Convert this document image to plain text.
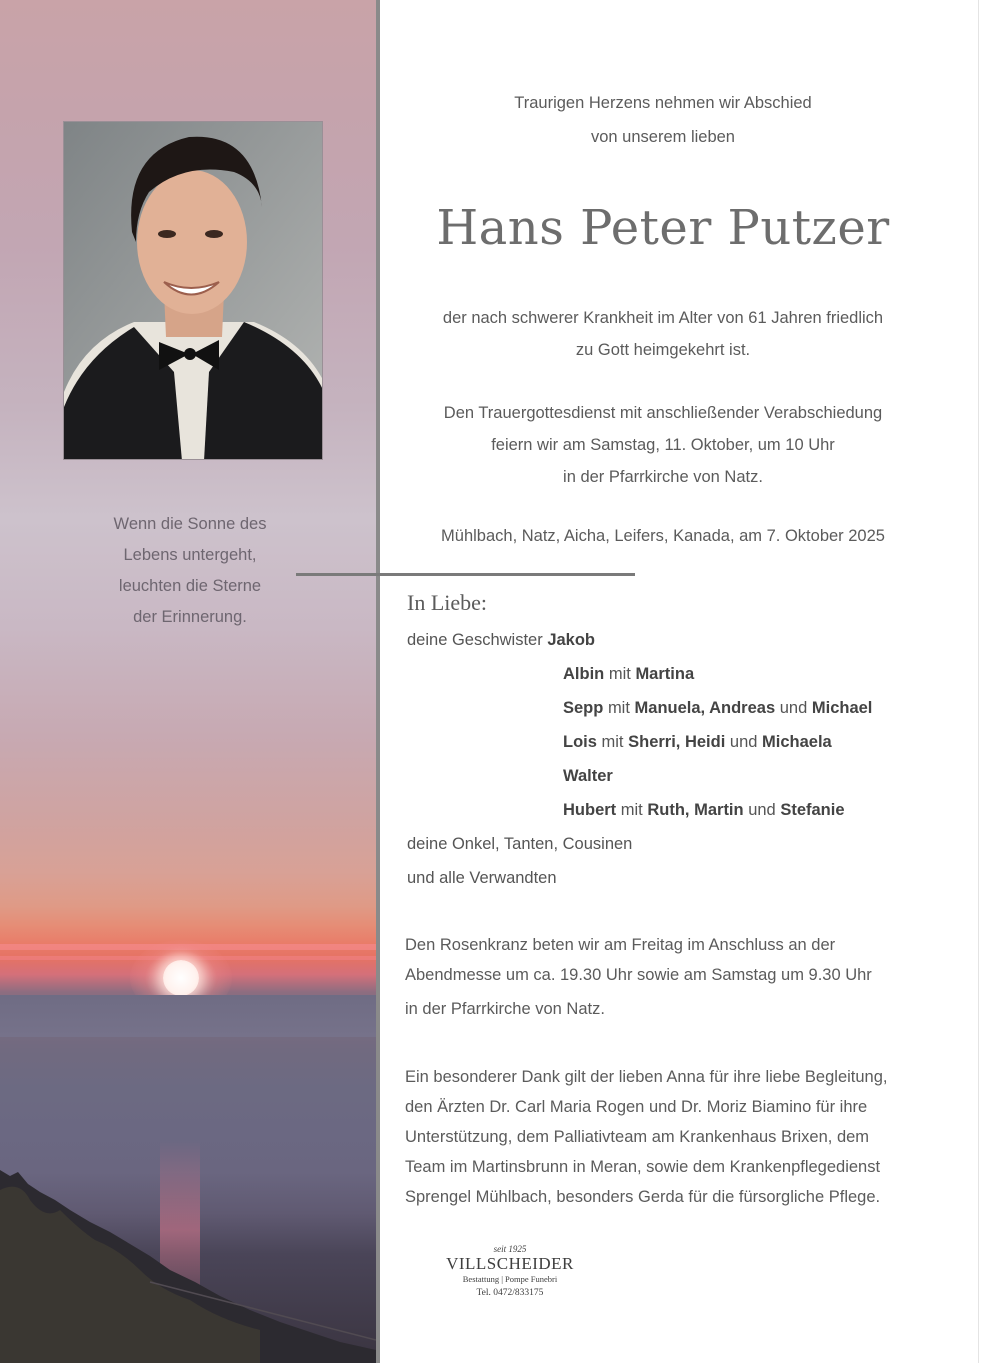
Wenn die Sonne des
Lebens untergeht,
leuchten die Sterne
der Erinnerung.
Traurigen Herzens nehmen wir Abschied
von unserem lieben
Hans Peter Putzer
der nach schwerer Krankheit im Alter von 61 Jahren friedlich
zu Gott heimgekehrt ist.
Den Trauergottesdienst mit anschließender Verabschiedung
feiern wir am Samstag, 11. Oktober, um 10 Uhr
in der Pfarrkirche von Natz.
Mühlbach, Natz, Aicha, Leifers, Kanada, am 7. Oktober 2025
In Liebe:
deine Geschwister Jakob
Albin mit Martina
Sepp mit Manuela, Andreas und Michael
Lois mit Sherri, Heidi und Michaela
Walter
Hubert mit Ruth, Martin und Stefanie
deine Onkel, Tanten, Cousinen
und alle Verwandten
Den Rosenkranz beten wir am Freitag im Anschluss an der
Abendmesse um ca. 19.30 Uhr sowie am Samstag um 9.30 Uhr
in der Pfarrkirche von Natz.
Ein besonderer Dank gilt der lieben Anna für ihre liebe Begleitung,
den Ärzten Dr. Carl Maria Rogen und Dr. Moriz Biamino für ihre
Unterstützung, dem Palliativteam am Krankenhaus Brixen, dem
Team im Martinsbrunn in Meran, sowie dem Krankenpflegedienst
Sprengel Mühlbach, besonders Gerda für die fürsorgliche Pflege.
seit 1925
VILLSCHEIDER
Bestattung | Pompe Funebri
Tel. 0472/833175
